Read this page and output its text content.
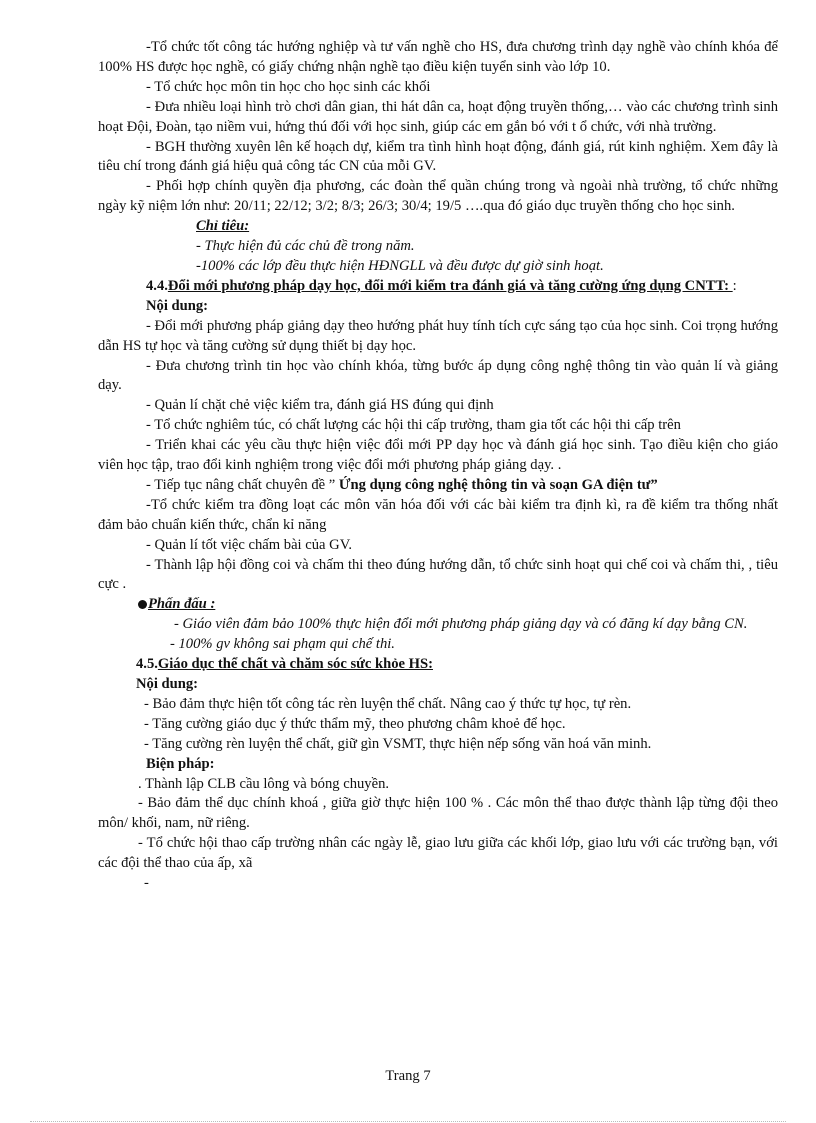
-Tổ chức tốt công tác hướng nghiệp và tư vấn nghề cho HS, đưa chương trình dạy nghề vào chính khóa để 100% HS được học nghề, có giấy chứng nhận nghề tạo điều kiện tuyển sinh vào lớp 10.

- Tổ chức học môn tin học cho học sinh các khối

- Đưa nhiều loại hình trò chơi dân gian, thi hát dân ca, hoạt động truyền thống,… vào các chương trình sinh hoạt Đội, Đoàn, tạo niềm vui, hứng thú đối với học sinh, giúp các em gắn bó với t ổ chức, với nhà trường.

- BGH thường xuyên lên kế hoạch dự, kiểm tra tình hình hoạt động, đánh giá, rút kinh nghiệm. Xem đây là tiêu chí trong đánh giá hiệu quả công tác CN của mỗi GV.

- Phối hợp chính quyền địa phương, các đoàn thể quần chúng trong và ngoài nhà trường, tổ chức những ngày kỹ niệm lớn như: 20/11; 22/12; 3/2; 8/3; 26/3; 30/4; 19/5 ….qua đó giáo dục truyền thống cho học sinh.

Chỉ tiêu:

- Thực hiện đủ các chủ đề trong năm.

-100% các lớp đều thực hiện HĐNGLL và đều được dự giờ sinh hoạt.

4.4.Đổi mới phương pháp dạy học, đổi mới kiểm tra đánh giá và tăng cường ứng dụng CNTT: :

Nội dung:

- Đổi mới phương pháp giảng dạy theo hướng phát huy tính tích cực sáng tạo của học sinh. Coi trọng hướng dẫn HS tự học và tăng cường sử dụng thiết bị dạy học.

- Đưa chương trình tin học vào chính khóa, từng bước áp dụng công nghệ thông tin vào quản lí và giảng dạy.

- Quản lí chặt chẻ việc kiểm tra, đánh giá HS đúng qui định

- Tổ chức nghiêm túc, có chất lượng các hội thi cấp trường, tham gia tốt các hội thi cấp trên

- Triển khai các yêu cầu thực hiện việc đổi mới PP dạy học và đánh giá học sinh. Tạo điều kiện cho giáo viên học tập, trao đổi kinh nghiệm trong việc đổi mới phương pháp giảng dạy. .

- Tiếp tục nâng chất chuyên đề ” Ứng dụng công nghệ thông tin và soạn GA điện tư”

-Tổ chức kiểm tra đồng loạt các môn văn hóa đối với các bài kiểm tra định kì, ra đề kiểm tra thống nhất đảm bảo chuẩn kiến thức, chẩn kỉ năng

- Quản lí tốt việc chấm bài của GV.

- Thành lập hội đồng coi và chấm thi theo đúng hướng dẫn, tổ chức sinh hoạt qui chế coi và chấm thi, , tiêu cực .

Phấn đấu :

- Giáo viên đảm bảo 100% thực hiện đổi mới phương pháp giảng dạy và có đăng kí dạy bằng CN.

- 100% gv không sai phạm qui chế thi.

4.5.Giáo dục thể chất và chăm sóc sức khỏe HS:

Nội dung:

- Bảo đảm thực hiện tốt công tác rèn luyện thể chất. Nâng cao ý thức tự học, tự rèn.

- Tăng cường giáo dục ý thức thẩm mỹ, theo phương châm khoẻ để học.

- Tăng cường rèn luyện thể chất, giữ gìn VSMT, thực hiện nếp sống văn hoá văn minh.

Biện pháp:

. Thành lập CLB cầu lông và bóng chuyền.

- Bảo đảm thể dục chính khoá , giữa giờ thực hiện 100 % . Các môn thể thao được thành lập từng đội theo môn/ khối, nam, nữ riêng.

- Tổ chức hội thao cấp trường nhân các ngày lễ, giao lưu giữa các khối lớp, giao lưu với các trường bạn, với các đội thể thao của ấp, xã

-

Trang 7
